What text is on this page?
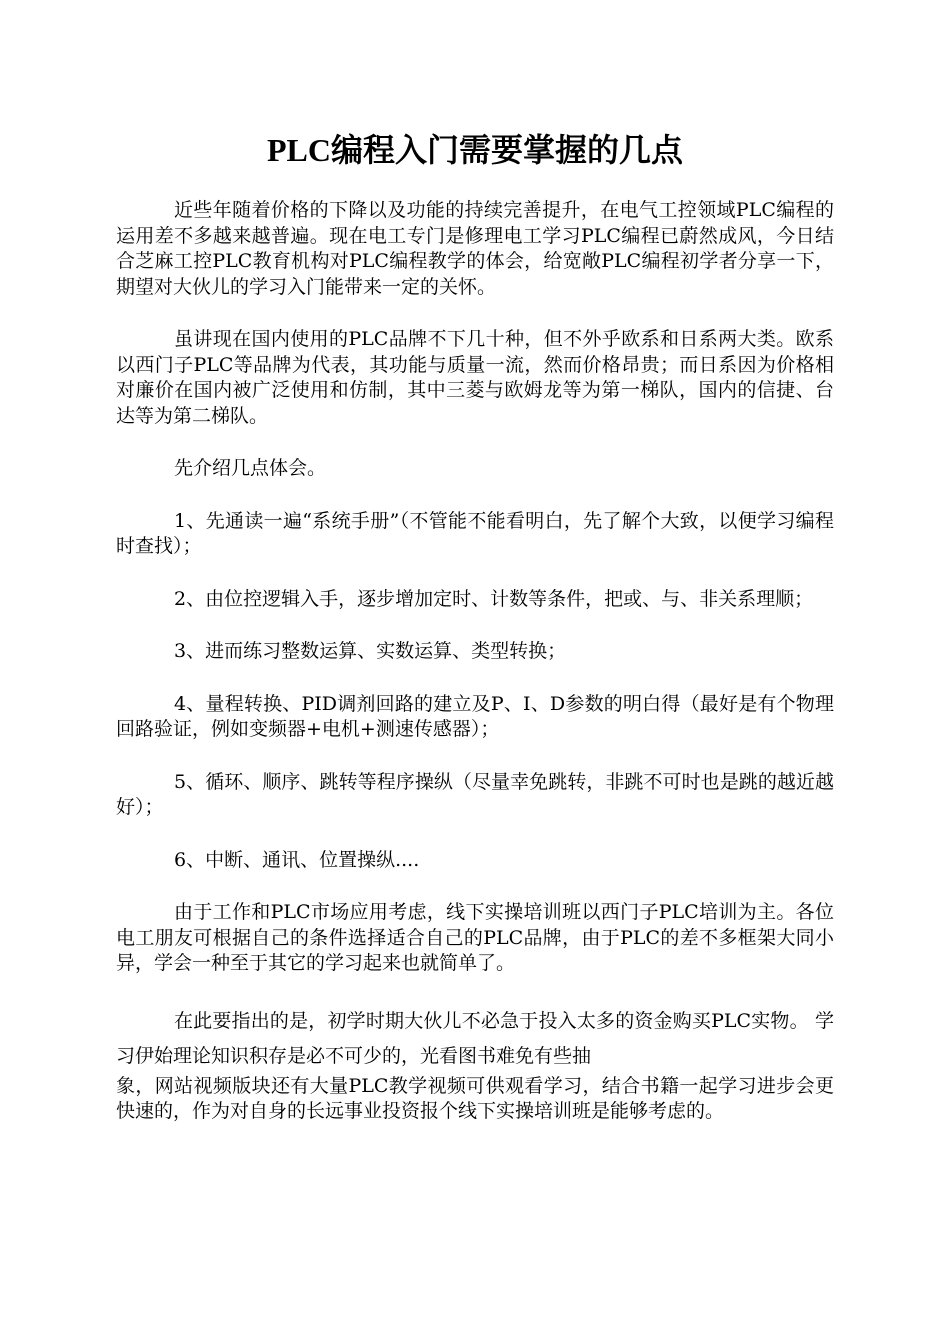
PLC编程入门需要掌握的几点

近些年随着价格的下降以及功能的持续完善提升，在电气工控领域PLC编程的运用差不多越来越普遍。现在电工专门是修理电工学习PLC编程已蔚然成风，今日结合芝麻工控PLC教育机构对PLC编程教学的体会，给宽敞PLC编程初学者分享一下，期望对大伙儿的学习入门能带来一定的关怀。

虽讲现在国内使用的PLC品牌不下几十种，但不外乎欧系和日系两大类。欧系以西门子PLC等品牌为代表，其功能与质量一流，然而价格昂贵；而日系因为价格相对廉价在国内被广泛使用和仿制，其中三菱与欧姆龙等为第一梯队，国内的信捷、台达等为第二梯队。

先介绍几点体会。

1、先通读一遍“系统手册”（不管能不能看明白，先了解个大致，以便学习编程时查找）；

2、由位控逻辑入手，逐步增加定时、计数等条件，把或、与、非关系理顺；

3、进而练习整数运算、实数运算、类型转换；

4、量程转换、PID调剂回路的建立及P、I、D参数的明白得（最好是有个物理回路验证，例如变频器+电机+测速传感器）；

5、循环、顺序、跳转等程序操纵（尽量幸免跳转，非跳不可时也是跳的越近越好）；

6、中断、通讯、位置操纵....

由于工作和PLC市场应用考虑，线下实操培训班以西门子PLC培训为主。各位电工朋友可根据自己的条件选择适合自己的PLC品牌，由于PLC的差不多框架大同小异，学会一种至于其它的学习起来也就简单了。

在此要指出的是，初学时期大伙儿不必急于投入太多的资金购买PLC实物。 学习伊始理论知识积存是必不可少的，光看图书难免有些抽

象，网站视频版块还有大量PLC教学视频可供观看学习，结合书籍一起学习进步会更快速的，作为对自身的长远事业投资报个线下实操培训班是能够考虑的。
